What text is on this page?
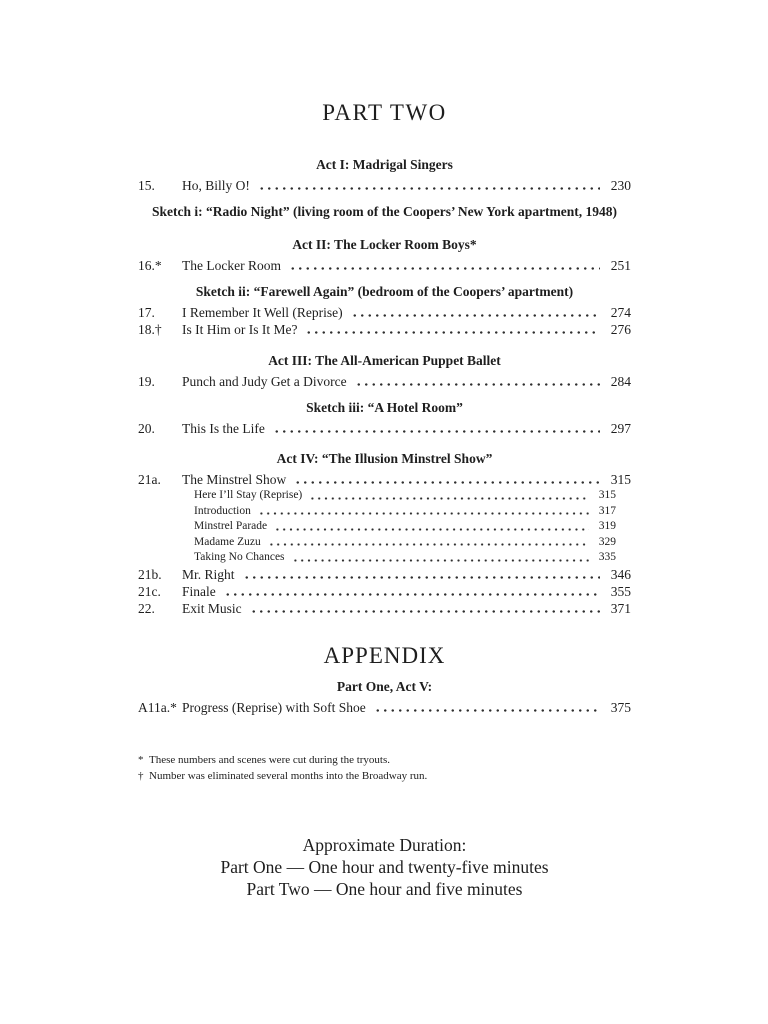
PART TWO
Act I: Madrigal Singers
15.	Ho, Billy O!	230
Sketch i: “Radio Night” (living room of the Coopers’ New York apartment, 1948)
Act II: The Locker Room Boys*
16.*	The Locker Room	251
Sketch ii: “Farewell Again” (bedroom of the Coopers’ apartment)
17.	I Remember It Well (Reprise)	274
18.†	Is It Him or Is It Me?	276
Act III: The All-American Puppet Ballet
19.	Punch and Judy Get a Divorce	284
Sketch iii: “A Hotel Room”
20.	This Is the Life	297
Act IV: “The Illusion Minstrel Show”
21a.	The Minstrel Show	315
Here I’ll Stay (Reprise)	315
Introduction	317
Minstrel Parade	319
Madame Zuzu	329
Taking No Chances	335
21b.	Mr. Right	346
21c.	Finale	355
22.	Exit Music	371
APPENDIX
Part One, Act V:
A11a.* Progress (Reprise) with Soft Shoe	375
* These numbers and scenes were cut during the tryouts.
† Number was eliminated several months into the Broadway run.
Approximate Duration:
Part One — One hour and twenty-five minutes
Part Two — One hour and five minutes
